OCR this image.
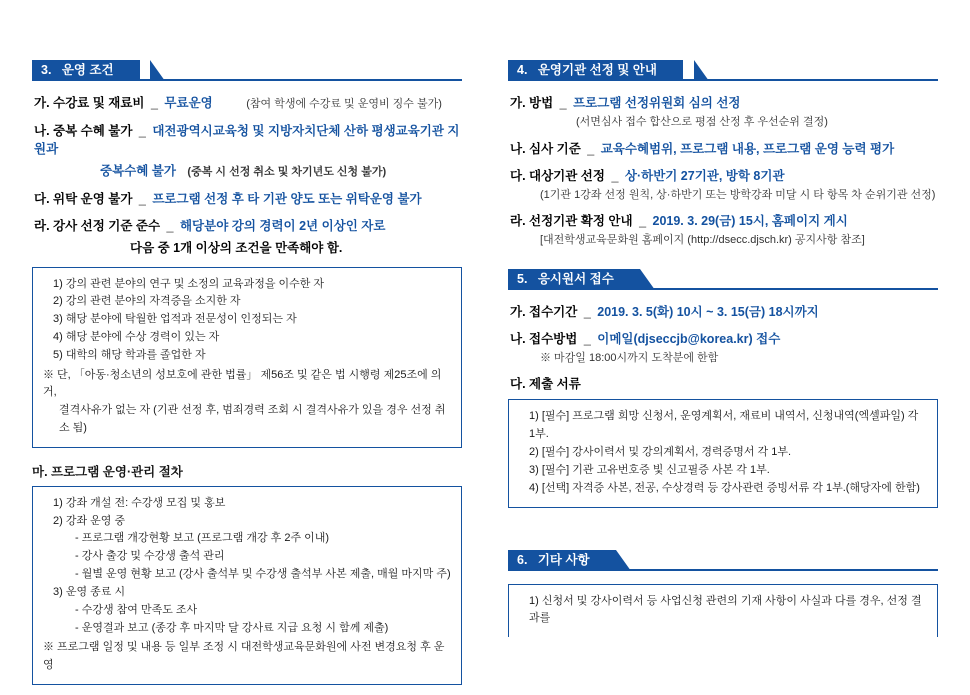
3. 운영 조건
가. 수강료 및 재료비 _ 무료운영	(참여 학생에 수강료 및 운영비 징수 불가)
나. 중복 수혜 불가 _ 대전광역시교육청 및 지방자치단체 산하 평생교육기관 지원과
중복수혜 불가 (중복 시 선정 취소 및 차기년도 신청 불가)
다. 위탁 운영 불가 _ 프로그램 선정 후 타 기관 양도 또는 위탁운영 불가
라. 강사 선정 기준 준수 _ 해당분야 강의 경력이 2년 이상인 자로
다음 중 1개 이상의 조건을 만족해야 함.

1) 강의 관련 분야의 연구 및 소정의 교육과정을 이수한 자

2) 강의 관련 분야의 자격증을 소지한 자

3) 해당 분야에 탁월한 업적과 전문성이 인정되는 자

4) 해당 분야에 수상 경력이 있는 자

5) 대학의 해당 학과를 졸업한 자

※ 단, 「아동·청소년의 성보호에 관한 법률」 제56조 및 같은 법 시행령 제25조에 의거,

결격사유가 없는 자 (기관 선정 후, 범죄경력 조회 시 결격사유가 있을 경우 선정 취소 됨)

마. 프로그램 운영·관리 절차

1) 강좌 개설 전: 수강생 모집 및 홍보

2) 강좌 운영 중

- 프로그램 개강현황 보고 (프로그램 개강 후 2주 이내)

- 강사 출강 및 수강생 출석 관리

- 월별 운영 현황 보고 (강사 출석부 및 수강생 출석부 사본 제출, 매월 마지막 주)

3) 운영 종료 시

- 수강생 참여 만족도 조사

- 운영결과 보고 (종강 후 마지막 달 강사료 지급 요청 시 함께 제출)

※ 프로그램 일정 및 내용 등 일부 조정 시 대전학생교육문화원에 사전 변경요청 후 운영

4. 운영기관 선정 및 안내
가. 방법 _ 프로그램 선정위원회 심의 선정
(서면심사 접수 합산으로 평점 산정 후 우선순위 결정)
나. 심사 기준 _ 교육수혜범위, 프로그램 내용, 프로그램 운영 능력 평가
다. 대상기관 선정 _ 상·하반기 27기관, 방학 8기관
(1기관 1강좌 선정 원칙, 상·하반기 또는 방학강좌 미달 시 타 항목 차 순위기관 선정)
라. 선정기관 확정 안내 _ 2019. 3. 29(금) 15시, 홈페이지 게시
[대전학생교육문화원 홈페이지 (http://dsecc.djsch.kr) 공지사항 참조]
5. 응시원서 접수
가. 접수기간 _ 2019. 3. 5(화) 10시 ~ 3. 15(금) 18시까지
나. 접수방법 _ 이메일(djseccjb@korea.kr) 접수
※ 마감일 18:00시까지 도착분에 한함
다. 제출 서류

1) [필수] 프로그램 희망 신청서, 운영계획서, 재료비 내역서, 신청내역(엑셀파일) 각 1부.

2) [필수] 강사이력서 및 강의계획서, 경력증명서 각 1부.

3) [필수] 기관 고유번호증 빛 신고필증 사본 각 1부.

4) [선택] 자격증 사본, 전공, 수상경력 등 강사관련 증빙서류 각 1부.(해당자에 한함)

6. 기타 사항

1) 신청서 및 강사이력서 등 사업신청 관련의 기재 사항이 사실과 다를 경우, 선정 결과를
